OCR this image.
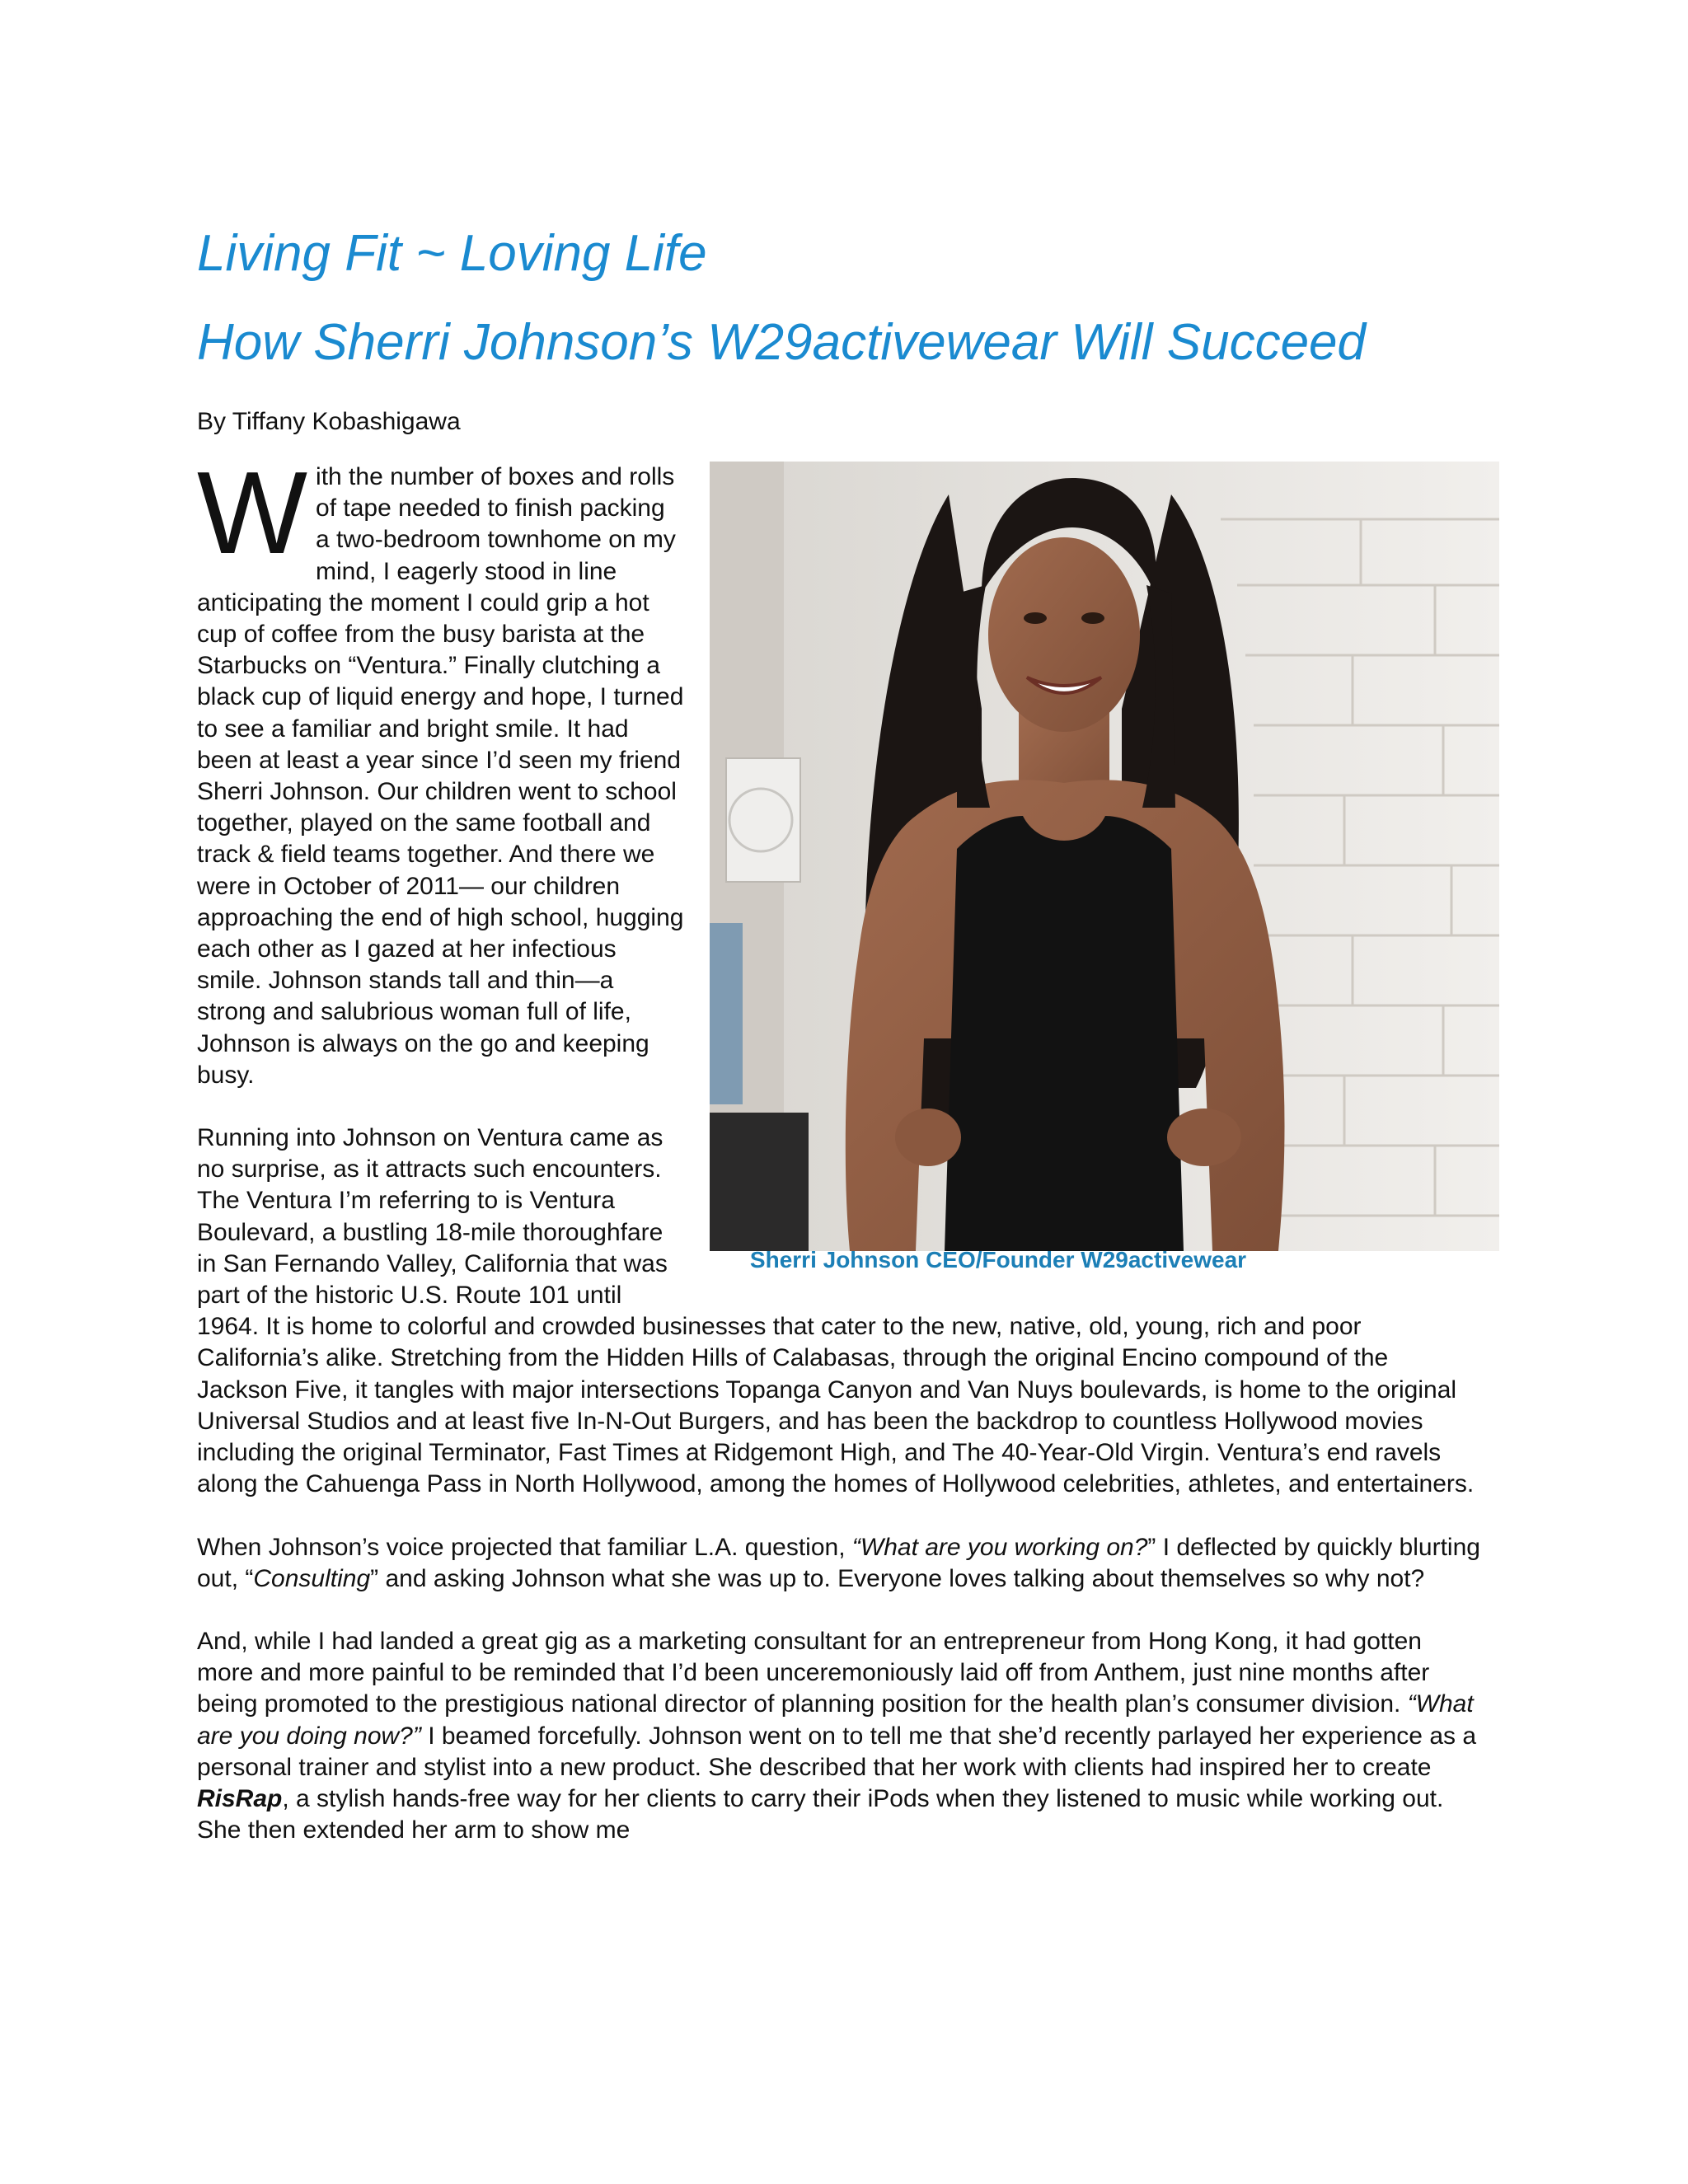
Living Fit ~ Loving Life
How Sherri Johnson’s W29activewear Will Succeed
By Tiffany Kobashigawa
Sherri Johnson CEO/Founder W29activewear

With the number of boxes and rolls of tape needed to finish packing a two-bedroom townhome on my mind, I eagerly stood in line anticipating the moment I could grip a hot cup of coffee from the busy barista at the Starbucks on “Ventura.” Finally clutching a black cup of liquid energy and hope, I turned to see a familiar and bright smile. It had been at least a year since I’d seen my friend Sherri Johnson. Our children went to school together, played on the same football and track & field teams together. And there we were in October of 2011— our children approaching the end of high school, hugging each other as I gazed at her infectious smile. Johnson stands tall and thin—a strong and salubrious woman full of life, Johnson is always on the go and keeping busy.

Running into Johnson on Ventura came as no surprise, as it attracts such encounters. The Ventura I’m referring to is Ventura Boulevard, a bustling 18-mile thoroughfare in San Fernando Valley, California that was part of the historic U.S. Route 101 until 1964. It is home to colorful and crowded businesses that cater to the new, native, old, young, rich and poor California’s alike. Stretching from the Hidden Hills of Calabasas, through the original Encino compound of the Jackson Five, it tangles with major intersections Topanga Canyon and Van Nuys boulevards, is home to the original Universal Studios and at least five In-N-Out Burgers, and has been the backdrop to countless Hollywood movies including the original Terminator, Fast Times at Ridgemont High, and The 40-Year-Old Virgin. Ventura’s end ravels along the Cahuenga Pass in North Hollywood, among the homes of Hollywood celebrities, athletes, and entertainers.

When Johnson’s voice projected that familiar L.A. question, “What are you working on?” I deflected by quickly blurting out, “Consulting” and asking Johnson what she was up to. Everyone loves talking about themselves so why not?

And, while I had landed a great gig as a marketing consultant for an entrepreneur from Hong Kong, it had gotten more and more painful to be reminded that I’d been unceremoniously laid off from Anthem, just nine months after being promoted to the prestigious national director of planning position for the health plan’s consumer division. “What are you doing now?” I beamed forcefully. Johnson went on to tell me that she’d recently parlayed her experience as a personal trainer and stylist into a new product. She described that her work with clients had inspired her to create RisRap, a stylish hands-free way for her clients to carry their iPods when they listened to music while working out. She then extended her arm to show me
